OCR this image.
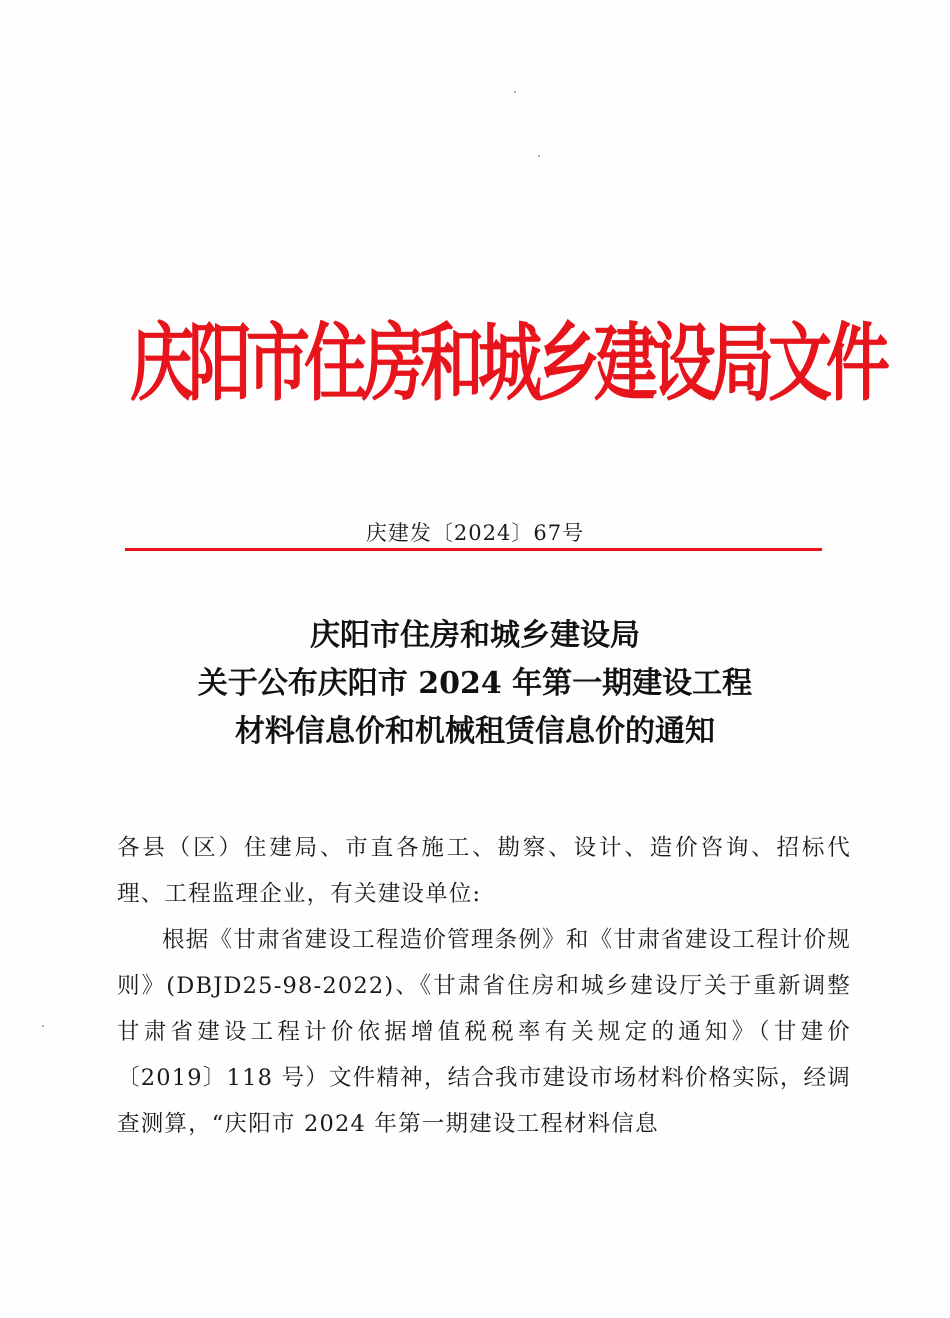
庆阳市住房和城乡建设局文件
庆建发〔2024〕67号
庆阳市住房和城乡建设局
关于公布庆阳市 2024 年第一期建设工程
材料信息价和机械租赁信息价的通知

各县（区）住建局、市直各施工、勘察、设计、造价咨询、招标代理、工程监理企业，有关建设单位:

根据《甘肃省建设工程造价管理条例》和《甘肃省建设工程计价规则》(DBJD25-98-2022)、《甘肃省住房和城乡建设厅关于重新调整甘肃省建设工程计价依据增值税税率有关规定的通知》（甘建价〔2019〕118 号）文件精神，结合我市建设市场材料价格实际，经调查测算，“庆阳市 2024 年第一期建设工程材料信息
